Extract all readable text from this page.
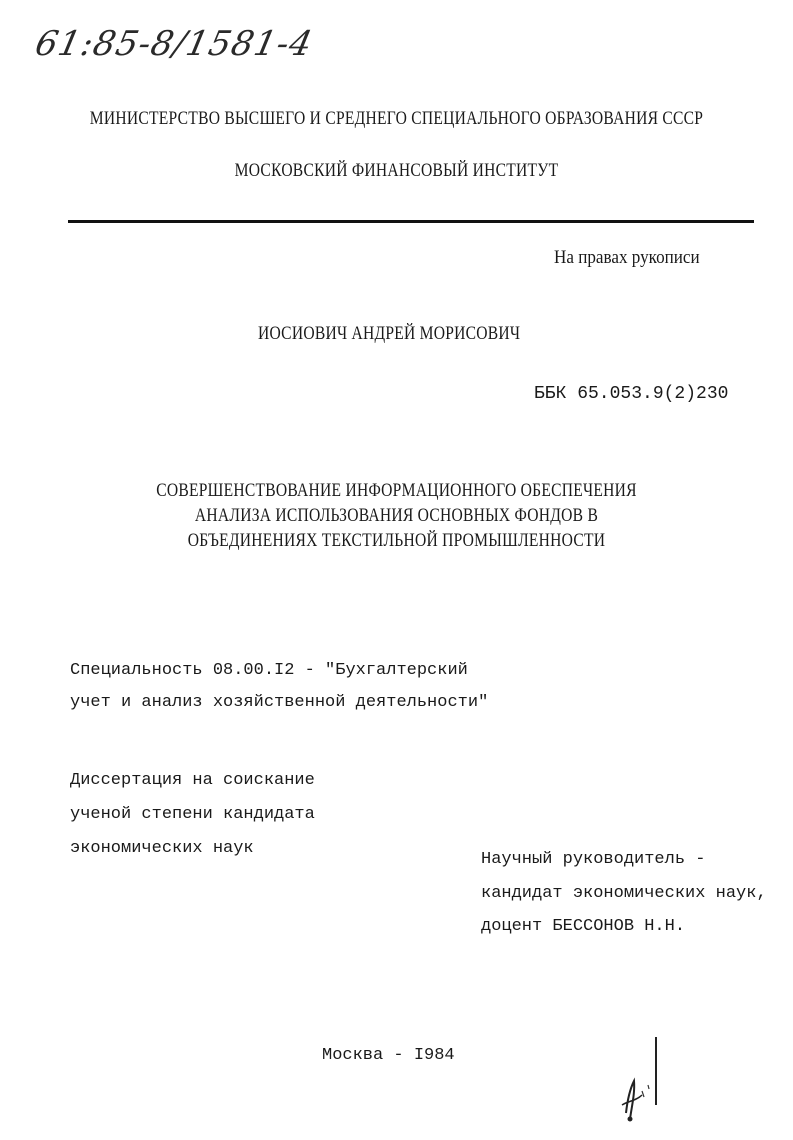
61:85-8/1581-4
МИНИСТЕРСТВО ВЫСШЕГО И СРЕДНЕГО СПЕЦИАЛЬНОГО ОБРАЗОВАНИЯ СССР
МОСКОВСКИЙ ФИНАНСОВЫЙ ИНСТИТУТ
На правах рукописи
ИОСИОВИЧ АНДРЕЙ МОРИСОВИЧ
ББК 65.053.9(2)230
СОВЕРШЕНСТВОВАНИЕ ИНФОРМАЦИОННОГО ОБЕСПЕЧЕНИЯ
АНАЛИЗА ИСПОЛЬЗОВАНИЯ ОСНОВНЫХ ФОНДОВ В
ОБЪЕДИНЕНИЯХ ТЕКСТИЛЬНОЙ ПРОМЫШЛЕННОСТИ
Специальность 08.00.I2 - "Бухгалтерский
учет и анализ хозяйственной деятельности"
Диссертация на соискание
ученой степени кандидата
экономических наук
Научный руководитель -
кандидат экономических наук,
доцент БЕССОНОВ Н.Н.
Москва - I984
